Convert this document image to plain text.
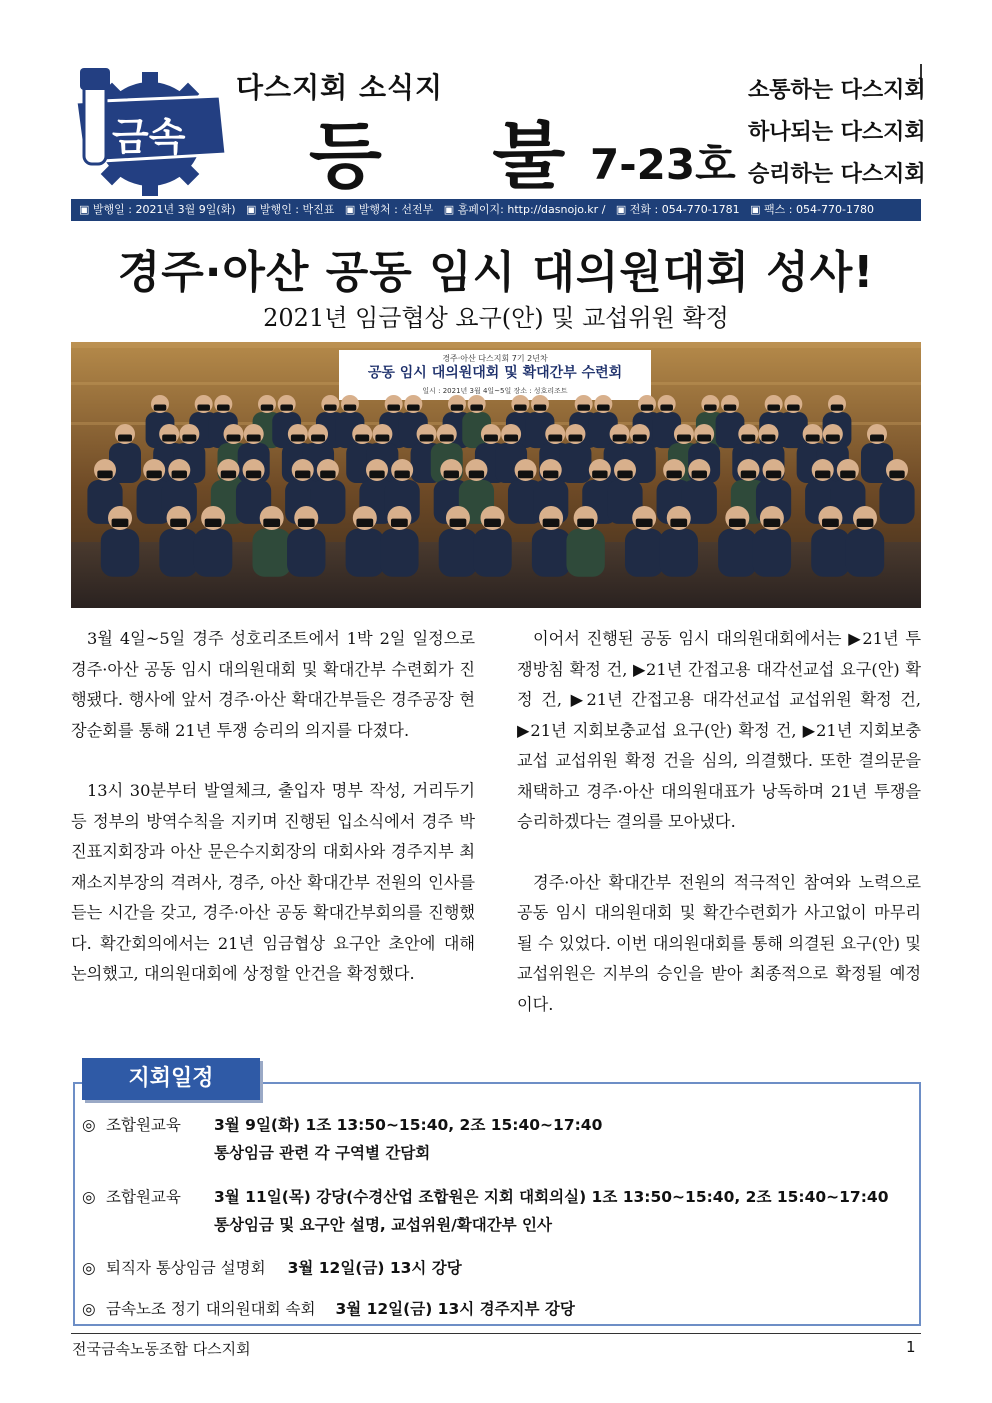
금속
다스지회 소식지
등 불
7-23호
소통하는 다스지회
하나되는 다스지회
승리하는 다스지회
▣ 발행일 : 2021년 3월 9일(화) ▣ 발행인 : 박진표 ▣ 발행처 : 선전부 ▣ 홈페이지: http://dasnojo.kr / ▣ 전화 : 054-770-1781 ▣ 팩스 : 054-770-1780
경주·아산 공동 임시 대의원대회 성사!
2021년 임금협상 요구(안) 및 교섭위원 확정
경주·아산 다스지회 7기 2년차
공동 임시 대의원대회 및 확대간부 수련회
일시 : 2021년 3월 4일~5일 장소 : 성호리조트

3월 4일~5일 경주 성호리조트에서 1박 2일 일정으로 경주·아산 공동 임시 대의원대회 및 확대간부 수련회가 진행됐다. 행사에 앞서 경주·아산 확대간부들은 경주공장 현장순회를 통해 21년 투쟁 승리의 의지를 다졌다.

13시 30분부터 발열체크, 출입자 명부 작성, 거리두기 등 정부의 방역수칙을 지키며 진행된 입소식에서 경주 박진표지회장과 아산 문은수지회장의 대회사와 경주지부 최재소지부장의 격려사, 경주, 아산 확대간부 전원의 인사를 듣는 시간을 갖고, 경주·아산 공동 확대간부회의를 진행했다. 확간회의에서는 21년 임금협상 요구안 초안에 대해 논의했고, 대의원대회에 상정할 안건을 확정했다.

이어서 진행된 공동 임시 대의원대회에서는 ▶21년 투쟁방침 확정 건, ▶21년 간접고용 대각선교섭 요구(안) 확정 건, ▶21년 간접고용 대각선교섭 교섭위원 확정 건, ▶21년 지회보충교섭 요구(안) 확정 건, ▶21년 지회보충교섭 교섭위원 확정 건을 심의, 의결했다. 또한 결의문을 채택하고 경주·아산 대의원대표가 낭독하며 21년 투쟁을 승리하겠다는 결의를 모아냈다.

경주·아산 확대간부 전원의 적극적인 참여와 노력으로 공동 임시 대의원대회 및 확간수련회가 사고없이 마무리될 수 있었다. 이번 대의원대회를 통해 의결된 요구(안) 및 교섭위원은 지부의 승인을 받아 최종적으로 확정될 예정이다.

지회일정
◎ 조합원교육 3월 9일(화) 1조 13:50~15:40, 2조 15:40~17:40
통상임금 관련 각 구역별 간담회
◎ 조합원교육 3월 11일(목) 강당(수경산업 조합원은 지회 대회의실) 1조 13:50~15:40, 2조 15:40~17:40
통상임금 및 요구안 설명, 교섭위원/확대간부 인사
◎ 퇴직자 통상임금 설명회 3월 12일(금) 13시 강당
◎ 금속노조 정기 대의원대회 속회 3월 12일(금) 13시 경주지부 강당
전국금속노동조합 다스지회	1
